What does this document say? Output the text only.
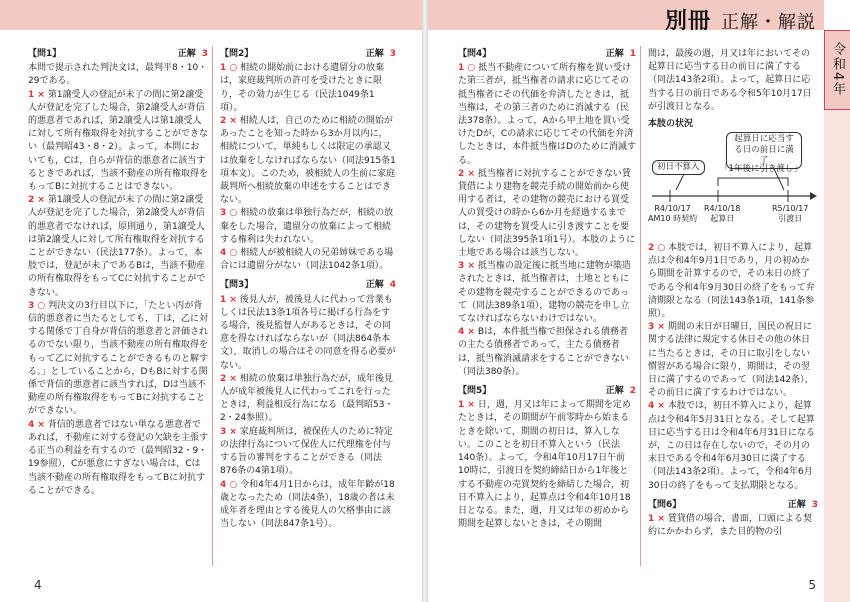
【問1】	正解 3

本問で提示された判決文は，最判平8・10・29である。

1 × 第1譲受人の登記が未了の間に第2譲受人が登記を完了した場合，第2譲受人が背信的悪意者であれば，第2譲受人は第1譲受人に対して所有権取得を対抗することができない（最判昭43・8・2）。よって，本問においても，Cは，自らが背信的悪意者に該当するときであれば，当該不動産の所有権取得をもってBに対抗することはできない。

2 × 第1譲受人の登記が未了の間に第2譲受人が登記を完了した場合，第2譲受人が背信的悪意者でなければ，原則通り，第1譲受人は第2譲受人に対して所有権取得を対抗することができない（民法177条）。よって，本肢では，登記が未了であるBは，当該不動産の所有権取得をもってCに対抗することができない。

3 ○ 判決文の3行目以下に，「たとい丙が背信的悪意者に当たるとしても，丁は，乙に対する関係で丁自身が背信的悪意者と評価されるのでない限り，当該不動産の所有権取得をもって乙に対抗することができるものと解する。」としていることから，DもBに対する関係で背信的悪意者に該当すれば，Dは当該不動産の所有権取得をもってBに対抗することができない。

4 × 背信的悪意者ではない単なる悪意者であれば，不動産に対する登記の欠缺を主張する正当の利益を有するので（最判昭32・9・19参照），Cが悪意にすぎない場合は，Cは当該不動産の所有権取得をもってBに対抗することができる。

【問2】	正解 3

1 ○ 相続の開始前における遺留分の放棄は，家庭裁判所の許可を受けたときに限り，その効力が生じる（民法1049条1項）。

2 × 相続人は，自己のために相続の開始があったことを知った時から3か月以内に，相続について，単純もしくは限定の承認又は放棄をしなければならない（同法915条1項本文）。このため，被相続人の生前に家庭裁判所へ相続放棄の申述をすることはできない。

3 ○ 相続の放棄は単独行為だが，相続の放棄をした場合，遺留分の放棄によって相続する権利は失われない。

4 ○ 相続人が被相続人の兄弟姉妹である場合には遺留分がない（同法1042条1項）。

【問3】	正解 4

1 × 後見人が，被後見人に代わって営業もしくは民法13条1項各号に掲げる行為をする場合，後見監督人があるときは，その同意を得なければならないが（同法864条本文），取消しの場合はその同意を得る必要がない。

2 × 相続の放棄は単独行為だが，成年後見人が成年被後見人に代わってこれを行ったときは，利益相反行為になる（最判昭53・2・24参照）。

3 × 家庭裁判所は，被保佐人のために特定の法律行為について保佐人に代理権を付与する旨の審判をすることができる（同法876条の4第1項）。

4 ○ 令和4年4月1日からは，成年年齢が18歳となったため（同法4条），18歳の者は未成年者を理由とする後見人の欠格事由に該当しない（同法847条1号）。

4
別冊 正解・解説
令和4年
【問4】	正解 1

1 ○ 抵当不動産について所有権を買い受けた第三者が，抵当権者の請求に応じてその抵当権者にその代価を弁済したときは，抵当権は，その第三者のために消滅する（民法378条）。よって，Aから甲土地を買い受けたDが，Cの請求に応じてその代価を弁済したときは，本件抵当権はDのために消滅する。

2 × 抵当権者に対抗することができない賃貸借により建物を競売手続の開始前から使用する者は，その建物の競売における買受人の買受けの時から6か月を経過するまでは，その建物を買受人に引き渡すことを要しない（同法395条1項1号）。本肢のように土地である場合は該当しない。

3 × 抵当権の設定後に抵当地に建物が築造されたときは，抵当権者は，土地とともにその建物を競売することができるのであって（同法389条1項），建物の競売を申し立てなければならないわけではない。

4 × Bは，本件抵当権で担保される債務者の主たる債務者であって，主たる債務者は，抵当権消滅請求をすることができない（同法380条）。

【問5】	正解 2

1 × 日，週，月又は年によって期間を定めたときは，その期間が午前零時から始まるときを除いて，期間の初日は，算入しない。このことを初日不算入という（民法140条）。よって，令和4年10月17日午前10時に，引渡日を契約締結日から1年後とする不動産の売買契約を締結した場合，初日不算入により，起算点は令和4年10月18日となる。また，週，月又は年の初めから期間を起算しないときは，その期間

間は，最後の週，月又は年においてその起算日に応当する日の前日に満了する（同法143条2項）。よって，起算日に応当する日の前日である令和5年10月17日が引渡日となる。

本肢の状況
初日不算入
起算日に応当する日の前日に満了
「1年後に引き渡し」
R4/10/17
AM10 時契約
R4/10/18
起算日
R5/10/17
引渡日

2 ○ 本肢では，初日不算入により，起算点は令和4年9月1日であり，月の初めから期間を計算するので，その末日の終了である令和4年9月30日の終了をもって弁済期限となる（同法143条1項，141条参照）。

3 × 期間の末日が日曜日，国民の祝日に関する法律に規定する休日その他の休日に当たるときは，その日に取引をしない慣習がある場合に限り，期間は，その翌日に満了するのであって（同法142条），その前日に満了するわけではない。

4 × 本肢では，初日不算入により，起算点は令和4年5月31日となる。そして起算日に応当する日は令和4年6月31日になるが，この日は存在しないので，その月の末日である令和4年6月30日に満了する（同法143条2項）。よって，令和4年6月30日の終了をもって支払期限となる。

【問6】	正解 3

1 × 賃貸借の場合，書面，口頭による契約にかかわらず，また目的物の引

5
